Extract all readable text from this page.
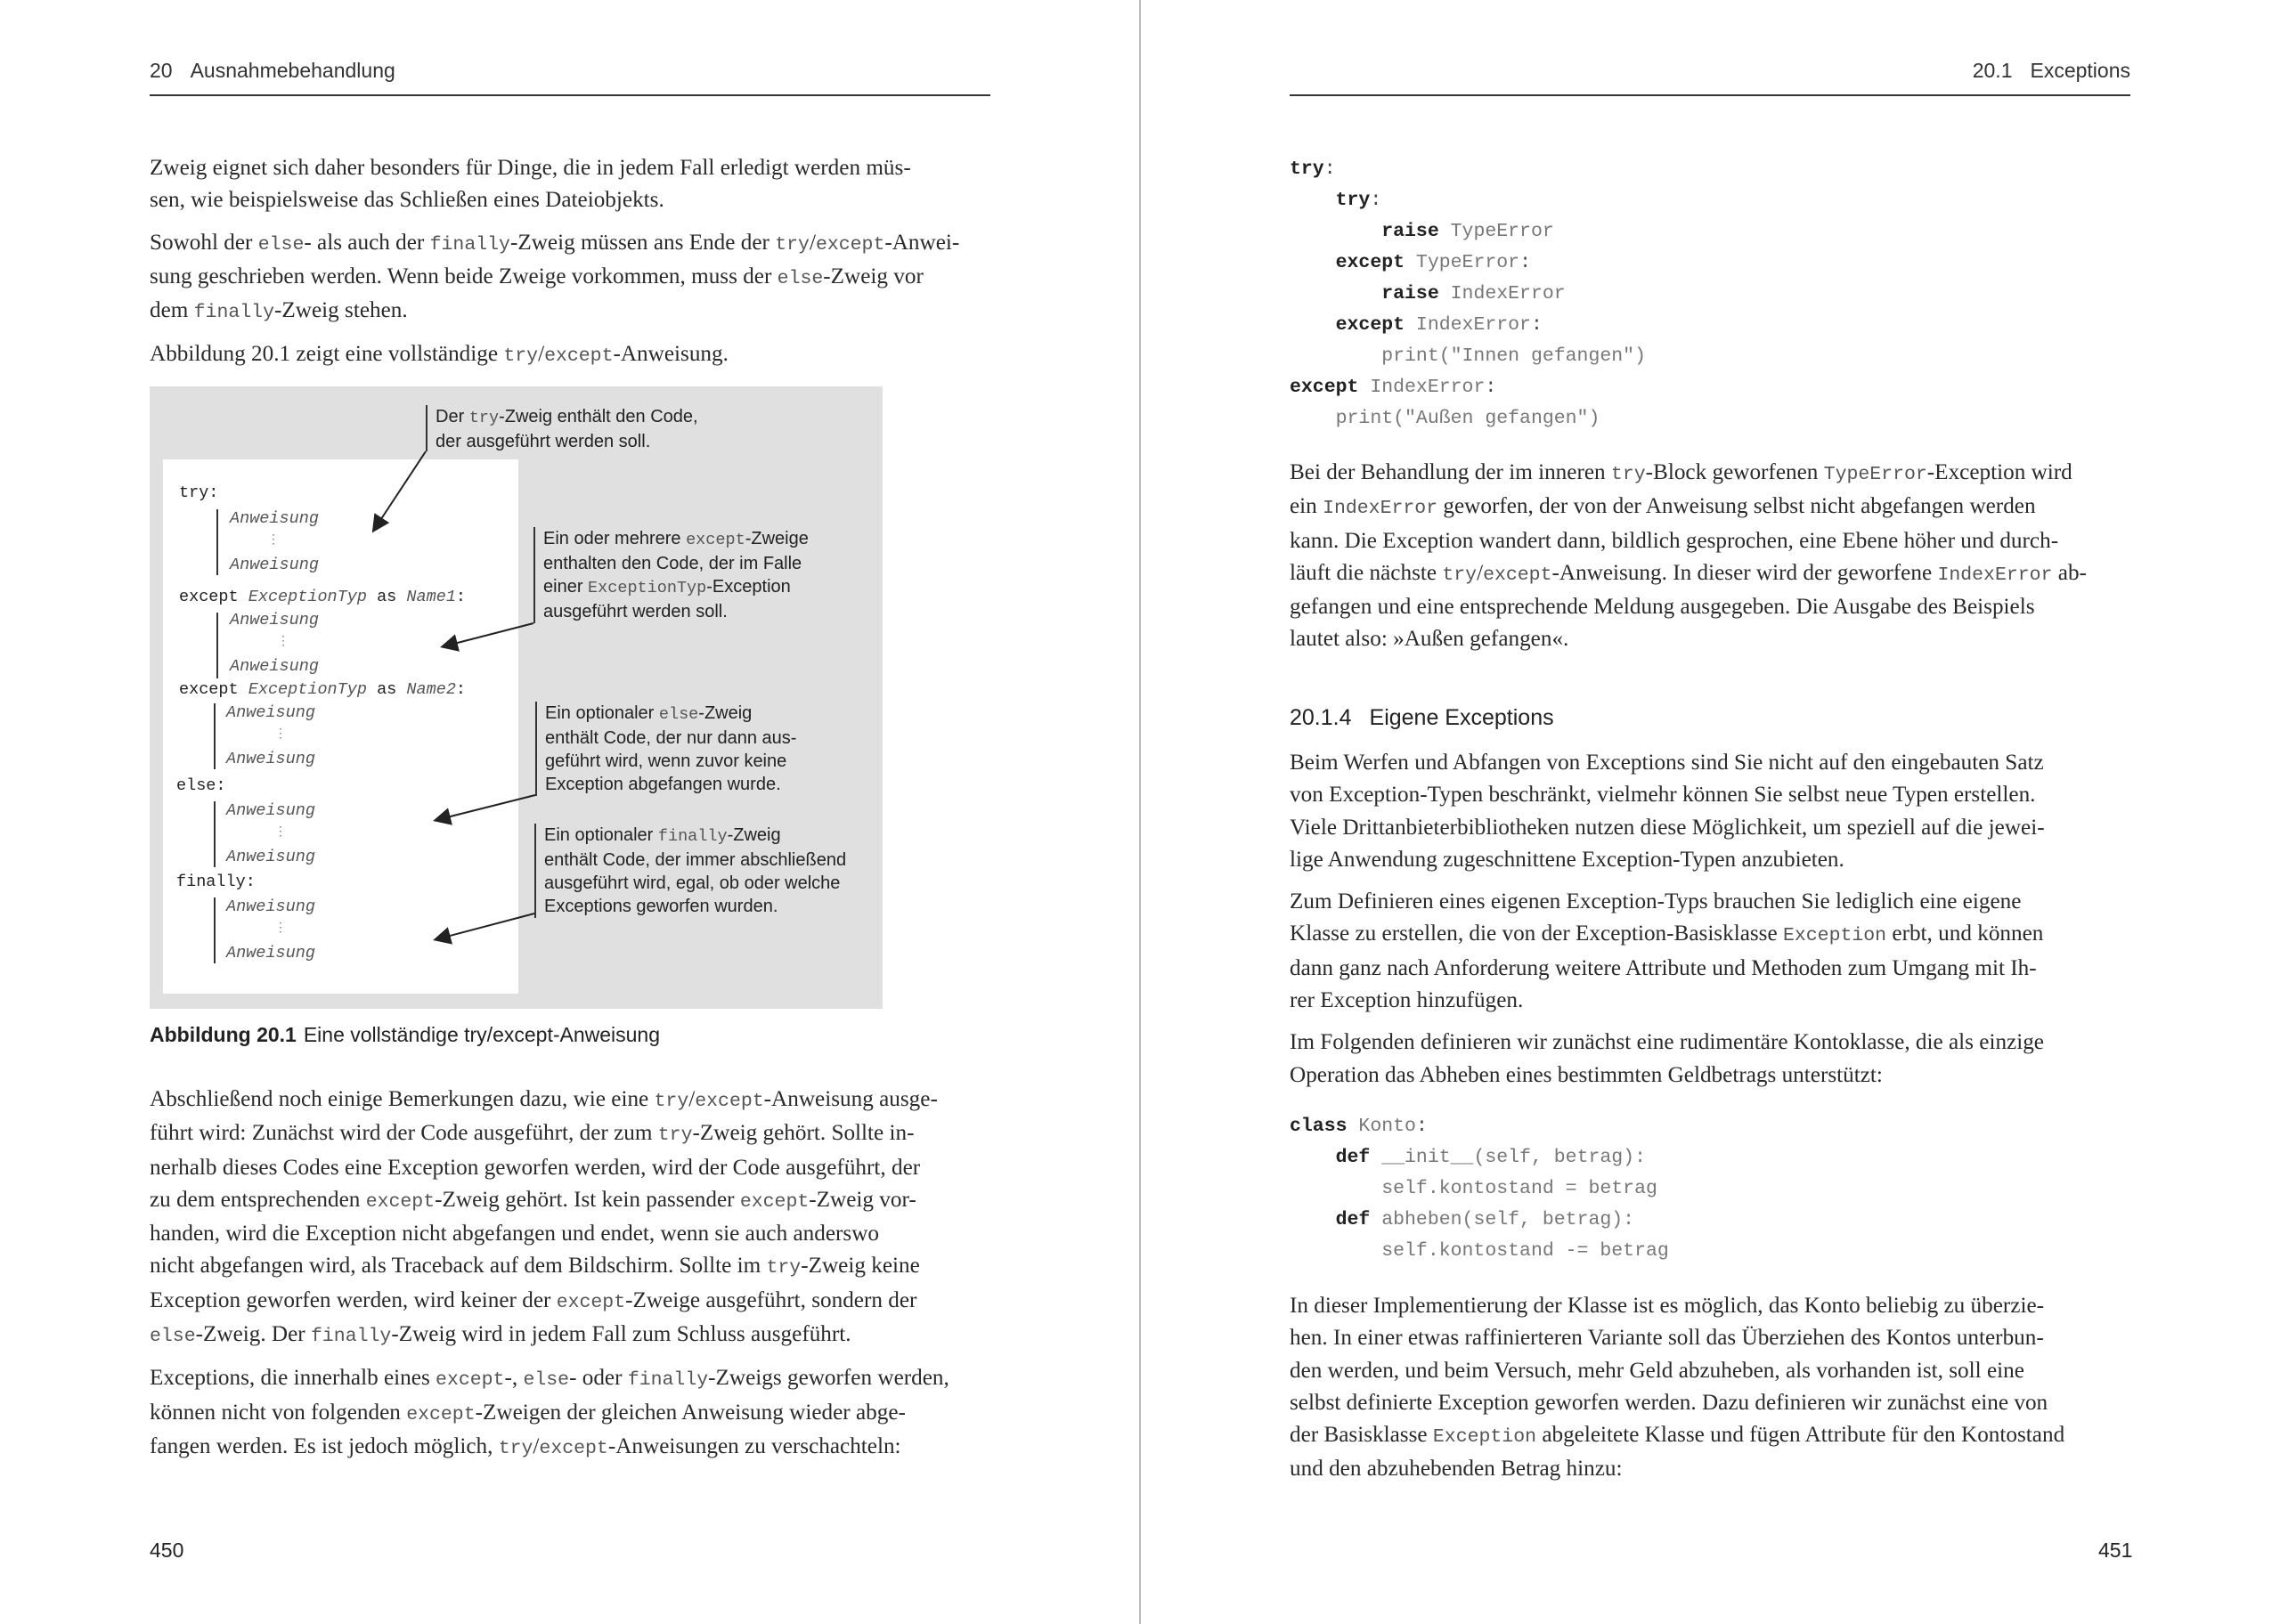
20 Ausnahmebehandlung

Zweig eignet sich daher besonders für Dinge, die in jedem Fall erledigt werden müs-
sen, wie beispielsweise das Schließen eines Dateiobjekts.

Sowohl der else- als auch der finally-Zweig müssen ans Ende der try/except-Anwei-
sung geschrieben werden. Wenn beide Zweige vorkommen, muss der else-Zweig vor
dem finally-Zweig stehen.

Abbildung 20.1 zeigt eine vollständige try/except-Anweisung.

try:
Anweisung
⋮
Anweisung
except ExceptionTyp as Name1:
Anweisung
⋮
Anweisung
except ExceptionTyp as Name2:
Anweisung
⋮
Anweisung
else:
Anweisung
⋮
Anweisung
finally:
Anweisung
⋮
Anweisung
Der try-Zweig enthält den Code,
der ausgeführt werden soll.
Ein oder mehrere except-Zweige
enthalten den Code, der im Falle
einer ExceptionTyp-Exception
ausgeführt werden soll.
Ein optionaler else-Zweig
enthält Code, der nur dann aus-
geführt wird, wenn zuvor keine
Exception abgefangen wurde.
Ein optionaler finally-Zweig
enthält Code, der immer abschließend
ausgeführt wird, egal, ob oder welche
Exceptions geworfen wurden.
Abbildung 20.1 Eine vollständige try/except-Anweisung

Abschließend noch einige Bemerkungen dazu, wie eine try/except-Anweisung ausge-
führt wird: Zunächst wird der Code ausgeführt, der zum try-Zweig gehört. Sollte in-
nerhalb dieses Codes eine Exception geworfen werden, wird der Code ausgeführt, der
zu dem entsprechenden except-Zweig gehört. Ist kein passender except-Zweig vor-
handen, wird die Exception nicht abgefangen und endet, wenn sie auch anderswo
nicht abgefangen wird, als Traceback auf dem Bildschirm. Sollte im try-Zweig keine
Exception geworfen werden, wird keiner der except-Zweige ausgeführt, sondern der
else-Zweig. Der finally-Zweig wird in jedem Fall zum Schluss ausgeführt.

Exceptions, die innerhalb eines except-, else- oder finally-Zweigs geworfen werden,
können nicht von folgenden except-Zweigen der gleichen Anweisung wieder abge-
fangen werden. Es ist jedoch möglich, try/except-Anweisungen zu verschachteln:

450
20.1 Exceptions
try:
try:
raise TypeError
except TypeError:
raise IndexError
except IndexError:
print("Innen gefangen")
except IndexError:
print("Außen gefangen")

Bei der Behandlung der im inneren try-Block geworfenen TypeError-Exception wird
ein IndexError geworfen, der von der Anweisung selbst nicht abgefangen werden
kann. Die Exception wandert dann, bildlich gesprochen, eine Ebene höher und durch-
läuft die nächste try/except-Anweisung. In dieser wird der geworfene IndexError ab-
gefangen und eine entsprechende Meldung ausgegeben. Die Ausgabe des Beispiels
lautet also: »Außen gefangen«.

20.1.4 Eigene Exceptions

Beim Werfen und Abfangen von Exceptions sind Sie nicht auf den eingebauten Satz
von Exception-Typen beschränkt, vielmehr können Sie selbst neue Typen erstellen.
Viele Drittanbieterbibliotheken nutzen diese Möglichkeit, um speziell auf die jewei-
lige Anwendung zugeschnittene Exception-Typen anzubieten.

Zum Definieren eines eigenen Exception-Typs brauchen Sie lediglich eine eigene
Klasse zu erstellen, die von der Exception-Basisklasse Exception erbt, und können
dann ganz nach Anforderung weitere Attribute und Methoden zum Umgang mit Ih-
rer Exception hinzufügen.

Im Folgenden definieren wir zunächst eine rudimentäre Kontoklasse, die als einzige
Operation das Abheben eines bestimmten Geldbetrags unterstützt:

class Konto:
def __init__(self, betrag):
self.kontostand = betrag
def abheben(self, betrag):
self.kontostand -= betrag

In dieser Implementierung der Klasse ist es möglich, das Konto beliebig zu überzie-
hen. In einer etwas raffinierteren Variante soll das Überziehen des Kontos unterbun-
den werden, und beim Versuch, mehr Geld abzuheben, als vorhanden ist, soll eine
selbst definierte Exception geworfen werden. Dazu definieren wir zunächst eine von
der Basisklasse Exception abgeleitete Klasse und fügen Attribute für den Kontostand
und den abzuhebenden Betrag hinzu:

451
